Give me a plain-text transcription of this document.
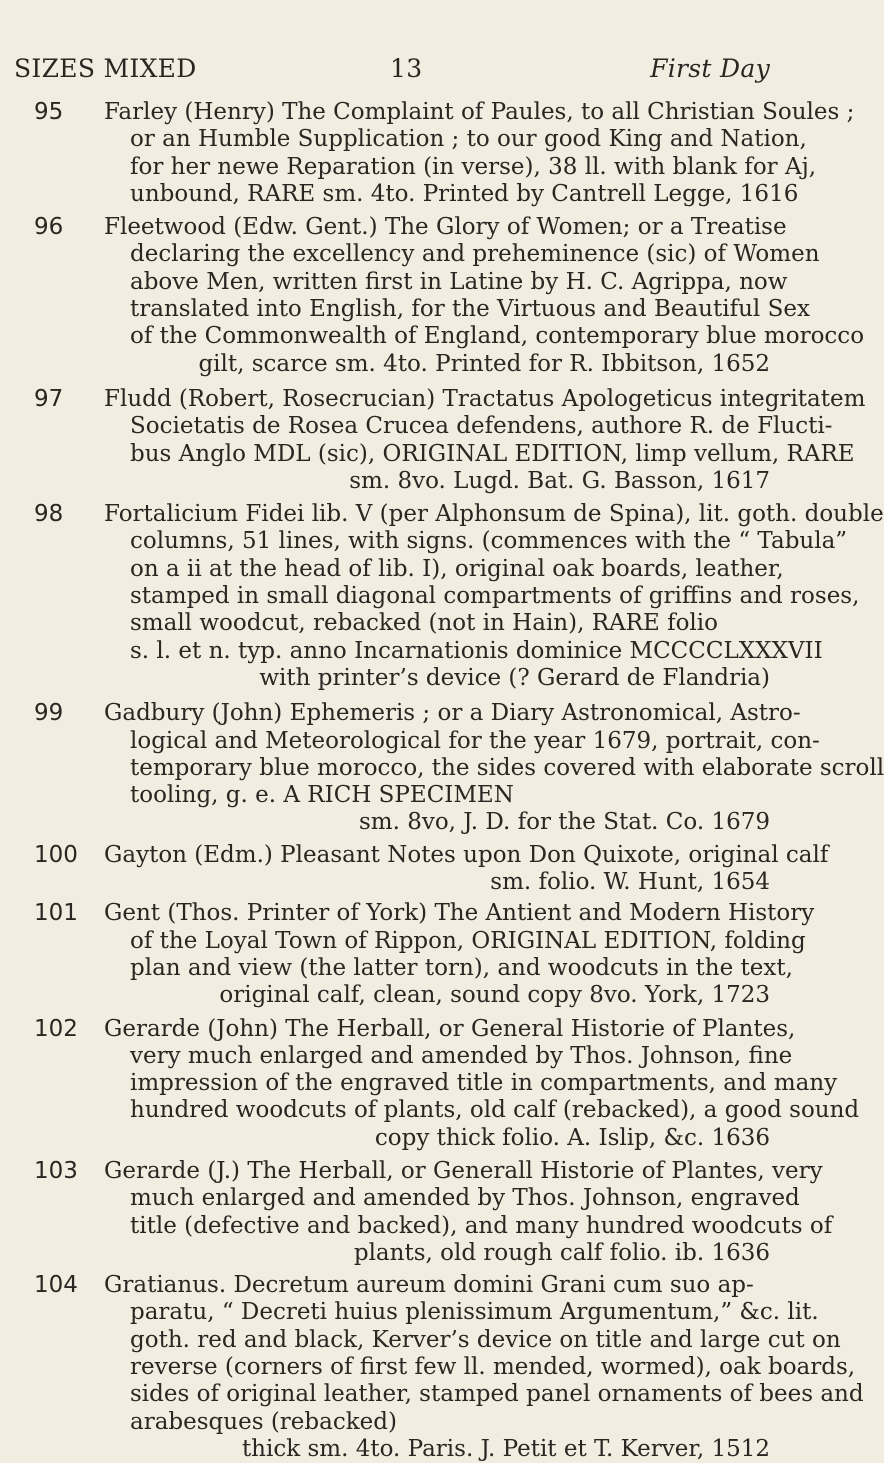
SIZES MIXED	13	First Day
95	Farley (Henry) The Complaint of Paules, to all Christian Soules ;
or an Humble Supplication ; to our good King and Nation,
for her newe Reparation (in verse), 38 ll. with blank for Aj,
unbound, RARE sm. 4to. Printed by Cantrell Legge, 1616
96	Fleetwood (Edw. Gent.) The Glory of Women; or a Treatise
declaring the excellency and preheminence (sic) of Women
above Men, written first in Latine by H. C. Agrippa, now
translated into English, for the Virtuous and Beautiful Sex
of the Commonwealth of England, contemporary blue morocco
gilt, scarce sm. 4to. Printed for R. Ibbitson, 1652
97	Fludd (Robert, Rosecrucian) Tractatus Apologeticus integritatem
Societatis de Rosea Crucea defendens, authore R. de Flucti-
bus Anglo MDL (sic), ORIGINAL EDITION, limp vellum, RARE
sm. 8vo. Lugd. Bat. G. Basson, 1617
98	Fortalicium Fidei lib. V (per Alphonsum de Spina), lit. goth. double
columns, 51 lines, with signs. (commences with the “ Tabula”
on a ii at the head of lib. I), original oak boards, leather,
stamped in small diagonal compartments of griffins and roses,
small woodcut, rebacked (not in Hain), RARE folio
s. l. et n. typ. anno Incarnationis dominice MCCCCLXXXVII
with printer’s device (? Gerard de Flandria)
99	Gadbury (John) Ephemeris ; or a Diary Astronomical, Astro-
logical and Meteorological for the year 1679, portrait, con-
temporary blue morocco, the sides covered with elaborate scroll
tooling, g. e. A RICH SPECIMEN
sm. 8vo, J. D. for the Stat. Co. 1679
100	Gayton (Edm.) Pleasant Notes upon Don Quixote, original calf
sm. folio. W. Hunt, 1654
101	Gent (Thos. Printer of York) The Antient and Modern History
of the Loyal Town of Rippon, ORIGINAL EDITION, folding
plan and view (the latter torn), and woodcuts in the text,
original calf, clean, sound copy 8vo. York, 1723
102	Gerarde (John) The Herball, or General Historie of Plantes,
very much enlarged and amended by Thos. Johnson, fine
impression of the engraved title in compartments, and many
hundred woodcuts of plants, old calf (rebacked), a good sound
copy thick folio. A. Islip, &c. 1636
103	Gerarde (J.) The Herball, or Generall Historie of Plantes, very
much enlarged and amended by Thos. Johnson, engraved
title (defective and backed), and many hundred woodcuts of
plants, old rough calf folio. ib. 1636
104	Gratianus. Decretum aureum domini Grani cum suo ap-
paratu, “ Decreti huius plenissimum Argumentum,” &c. lit.
goth. red and black, Kerver’s device on title and large cut on
reverse (corners of first few ll. mended, wormed), oak boards,
sides of original leather, stamped panel ornaments of bees and
arabesques (rebacked)
thick sm. 4to. Paris. J. Petit et T. Kerver, 1512
